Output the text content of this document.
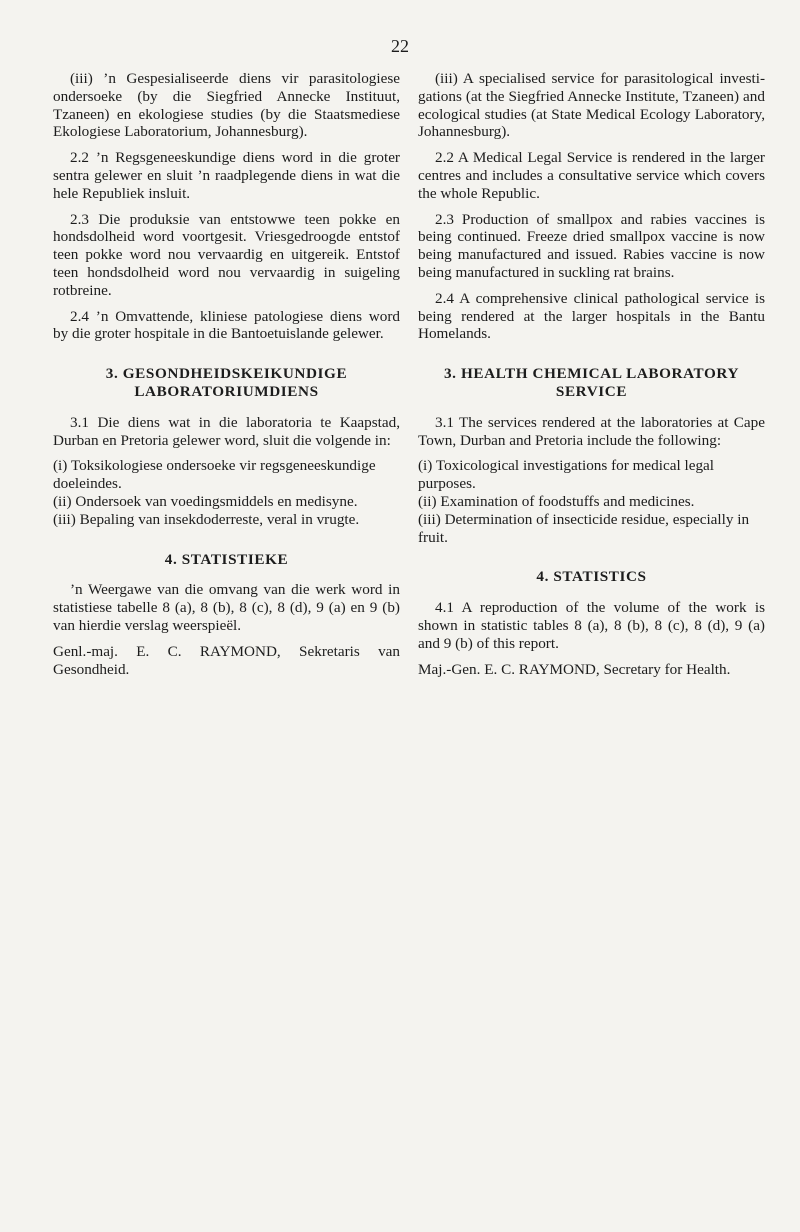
22

(iii) ’n Gespesialiseerde diens vir parasitologiese ondersoeke (by die Siegfried Annecke Instituut, Tzaneen) en ekologiese studies (by die Staatsmediese Ekologiese Laboratorium, Johannesburg).

2.2 ’n Regsgeneeskundige diens word in die groter sentra gelewer en sluit ’n raadplegende diens in wat die hele Republiek insluit.

2.3 Die produksie van entstowwe teen pokke en hondsdolheid word voortgesit. Vriesgedroogde entstof teen pokke word nou vervaardig en uitgereik. Entstof teen hondsdolheid word nou vervaardig in suigeling rotbreine.

2.4 ’n Omvattende, kliniese patologiese diens word by die groter hospitale in die Bantoetuislande gelewer.

3. GESONDHEIDSKEIKUNDIGE LABORATORIUMDIENS

3.1 Die diens wat in die laboratoria te Kaapstad, Durban en Pretoria gelewer word, sluit die volgende in:

(i) Toksikologiese ondersoeke vir regsgeneeskundige doeleindes.

(ii) Ondersoek van voedingsmiddels en medisyne.

(iii) Bepaling van insekdoderreste, veral in vrugte.

4. STATISTIEKE

’n Weergawe van die omvang van die werk word in statistiese tabelle 8 (a), 8 (b), 8 (c), 8 (d), 9 (a) en 9 (b) van hierdie verslag weerspieël.

Genl.-maj. E. C. RAYMOND, Sekretaris van Gesondheid.

(iii) A specialised service for parasitological investigations (at the Siegfried Annecke Institute, Tzaneen) and ecological studies (at State Medical Ecology Laboratory, Johannesburg).

2.2 A Medical Legal Service is rendered in the larger centres and includes a consultative service which covers the whole Republic.

2.3 Production of smallpox and rabies vaccines is being continued. Freeze dried smallpox vaccine is now being manufactured and issued. Rabies vaccine is now being manufactured in suckling rat brains.

2.4 A comprehensive clinical pathological service is being rendered at the larger hospitals in the Bantu Homelands.

3. HEALTH CHEMICAL LABORATORY SERVICE

3.1 The services rendered at the laboratories at Cape Town, Durban and Pretoria include the following:

(i) Toxicological investigations for medical legal purposes.

(ii) Examination of foodstuffs and medicines.

(iii) Determination of insecticide residue, especially in fruit.

4. STATISTICS

4.1 A reproduction of the volume of the work is shown in statistic tables 8 (a), 8 (b), 8 (c), 8 (d), 9 (a) and 9 (b) of this report.

Maj.-Gen. E. C. RAYMOND, Secretary for Health.
